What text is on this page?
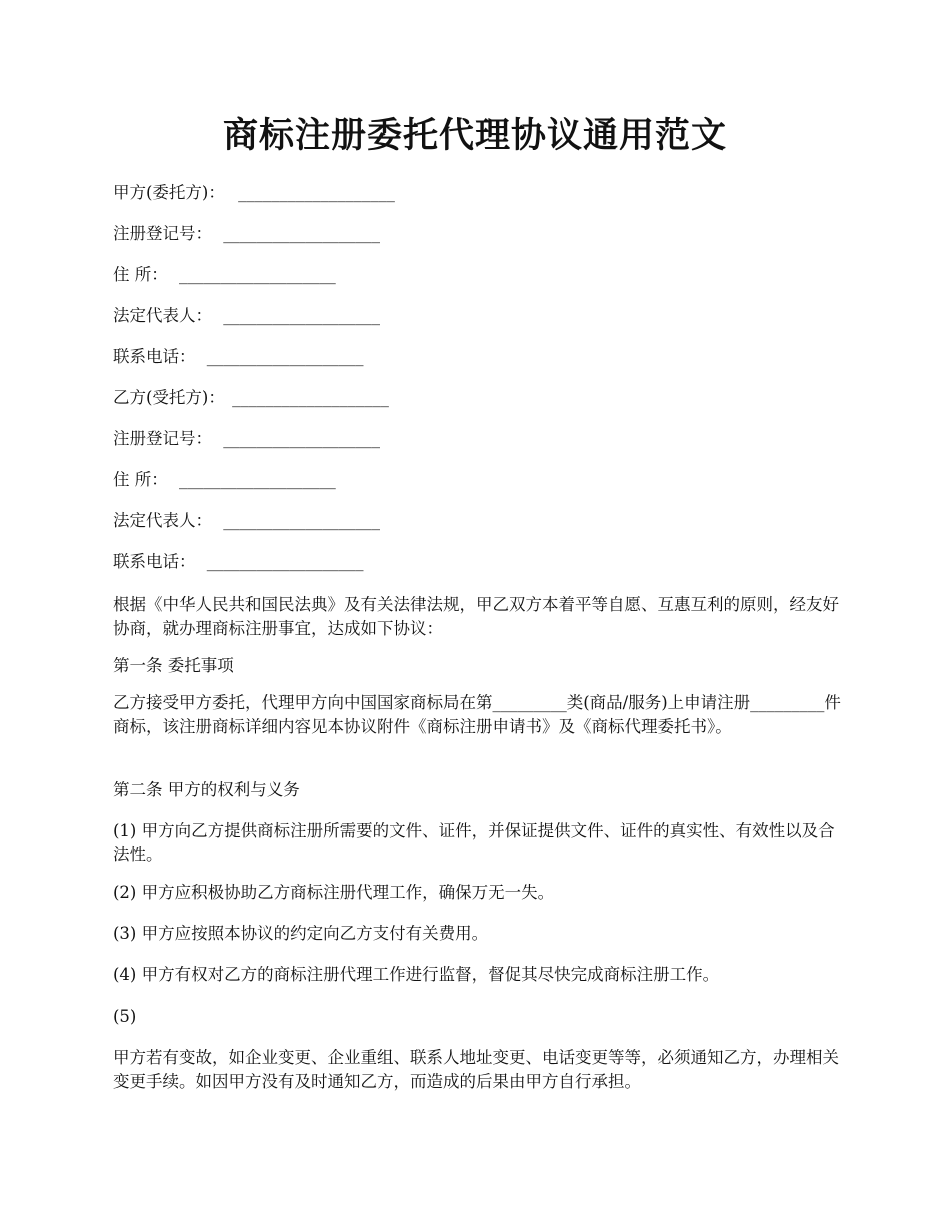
商标注册委托代理协议通用范文
甲方(委托方)： ___________________
注册登记号： ___________________
住 所： ___________________
法定代表人： ___________________
联系电话： ___________________
乙方(受托方)： ___________________
注册登记号： ___________________
住 所： ___________________
法定代表人： ___________________
联系电话： ___________________

根据《中华人民共和国民法典》及有关法律法规，甲乙双方本着平等自愿、互惠互利的原则，经友好协商，就办理商标注册事宜，达成如下协议：

第一条 委托事项

乙方接受甲方委托，代理甲方向中国国家商标局在第_________类(商品/服务)上申请注册_________件商标，该注册商标详细内容见本协议附件《商标注册申请书》及《商标代理委托书》。

第二条 甲方的权利与义务

(1) 甲方向乙方提供商标注册所需要的文件、证件，并保证提供文件、证件的真实性、有效性以及合法性。

(2) 甲方应积极协助乙方商标注册代理工作，确保万无一失。
(3) 甲方应按照本协议的约定向乙方支付有关费用。
(4) 甲方有权对乙方的商标注册代理工作进行监督，督促其尽快完成商标注册工作。
(5)

甲方若有变故，如企业变更、企业重组、联系人地址变更、电话变更等等，必须通知乙方，办理相关变更手续。如因甲方没有及时通知乙方，而造成的后果由甲方自行承担。
